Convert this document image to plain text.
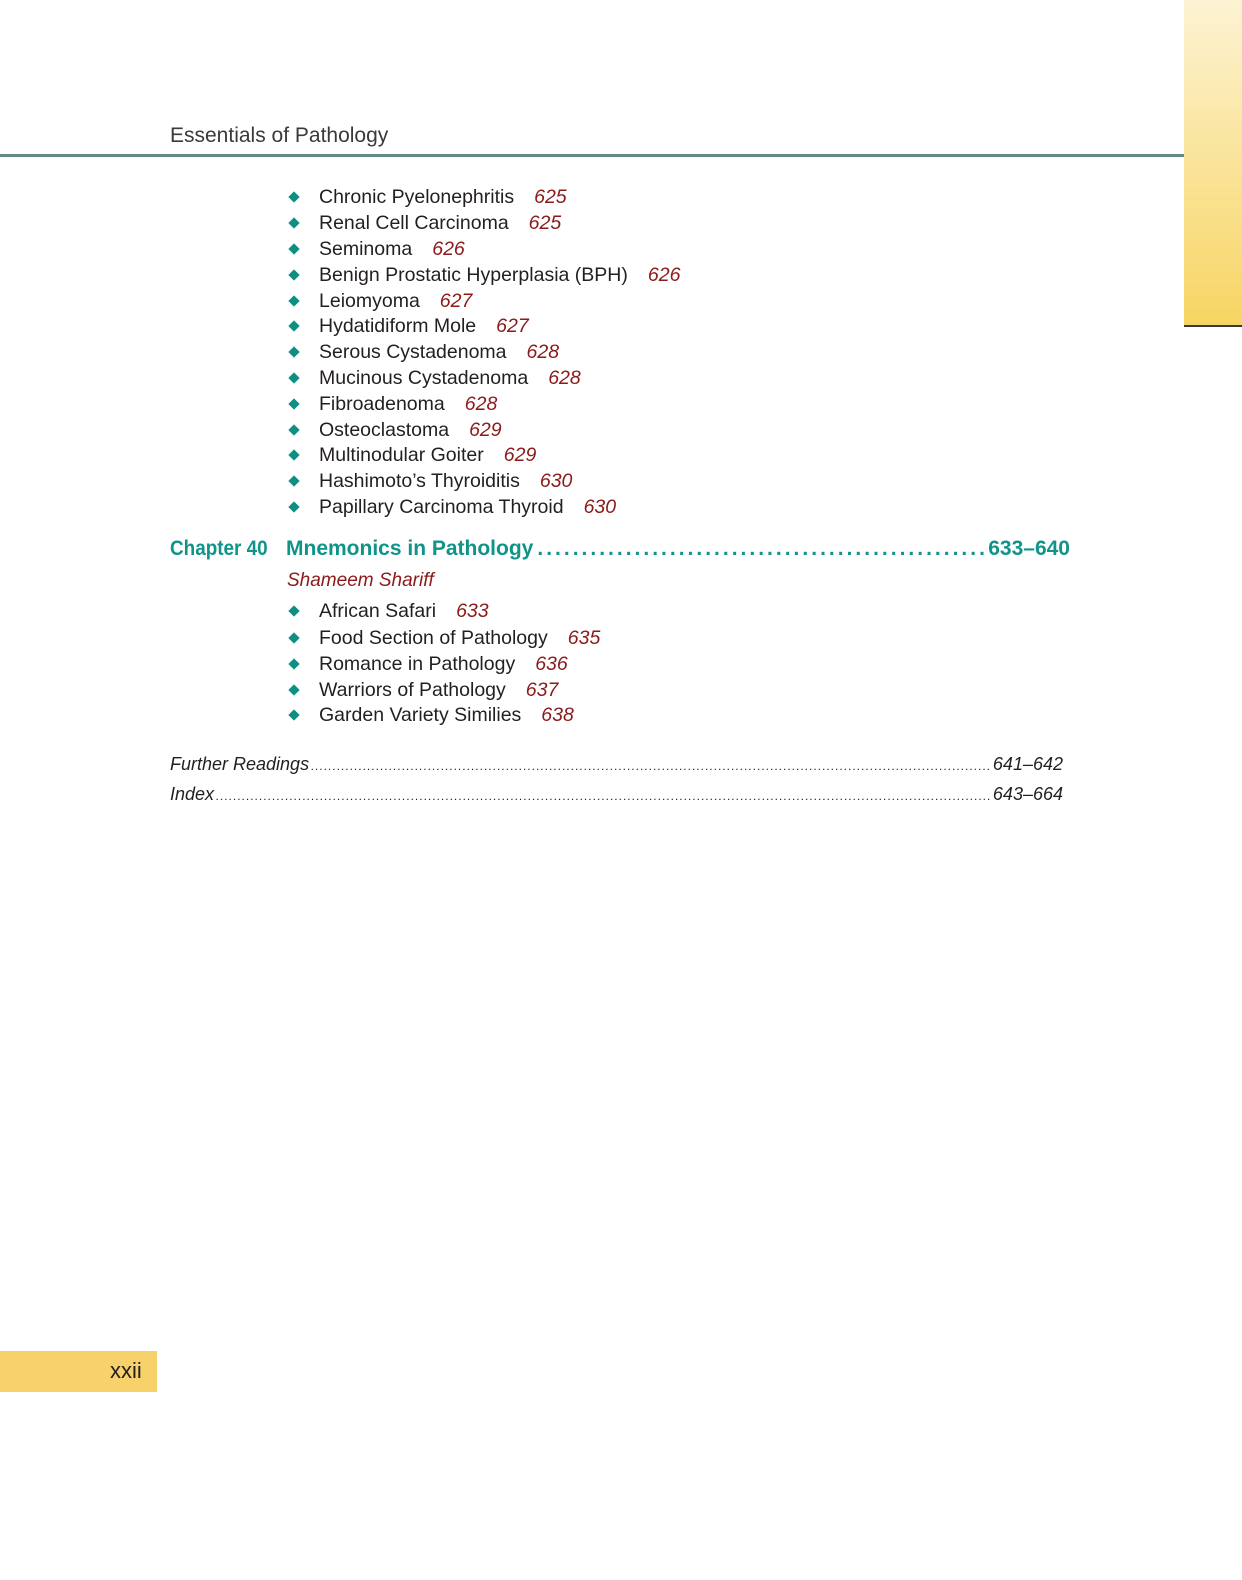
Essentials of Pathology
Chronic Pyelonephritis 625
Renal Cell Carcinoma 625
Seminoma 626
Benign Prostatic Hyperplasia (BPH) 626
Leiomyoma 627
Hydatidiform Mole 627
Serous Cystadenoma 628
Mucinous Cystadenoma 628
Fibroadenoma 628
Osteoclastoma 629
Multinodular Goiter 629
Hashimoto’s Thyroiditis 630
Papillary Carcinoma Thyroid 630
Chapter 40 Mnemonics in Pathology .....	633–640
Shameem Shariff
African Safari 633
Food Section of Pathology 635
Romance in Pathology 636
Warriors of Pathology 637
Garden Variety Similies 638
Further Readings .....	641–642
Index .....	643–664
xxii
